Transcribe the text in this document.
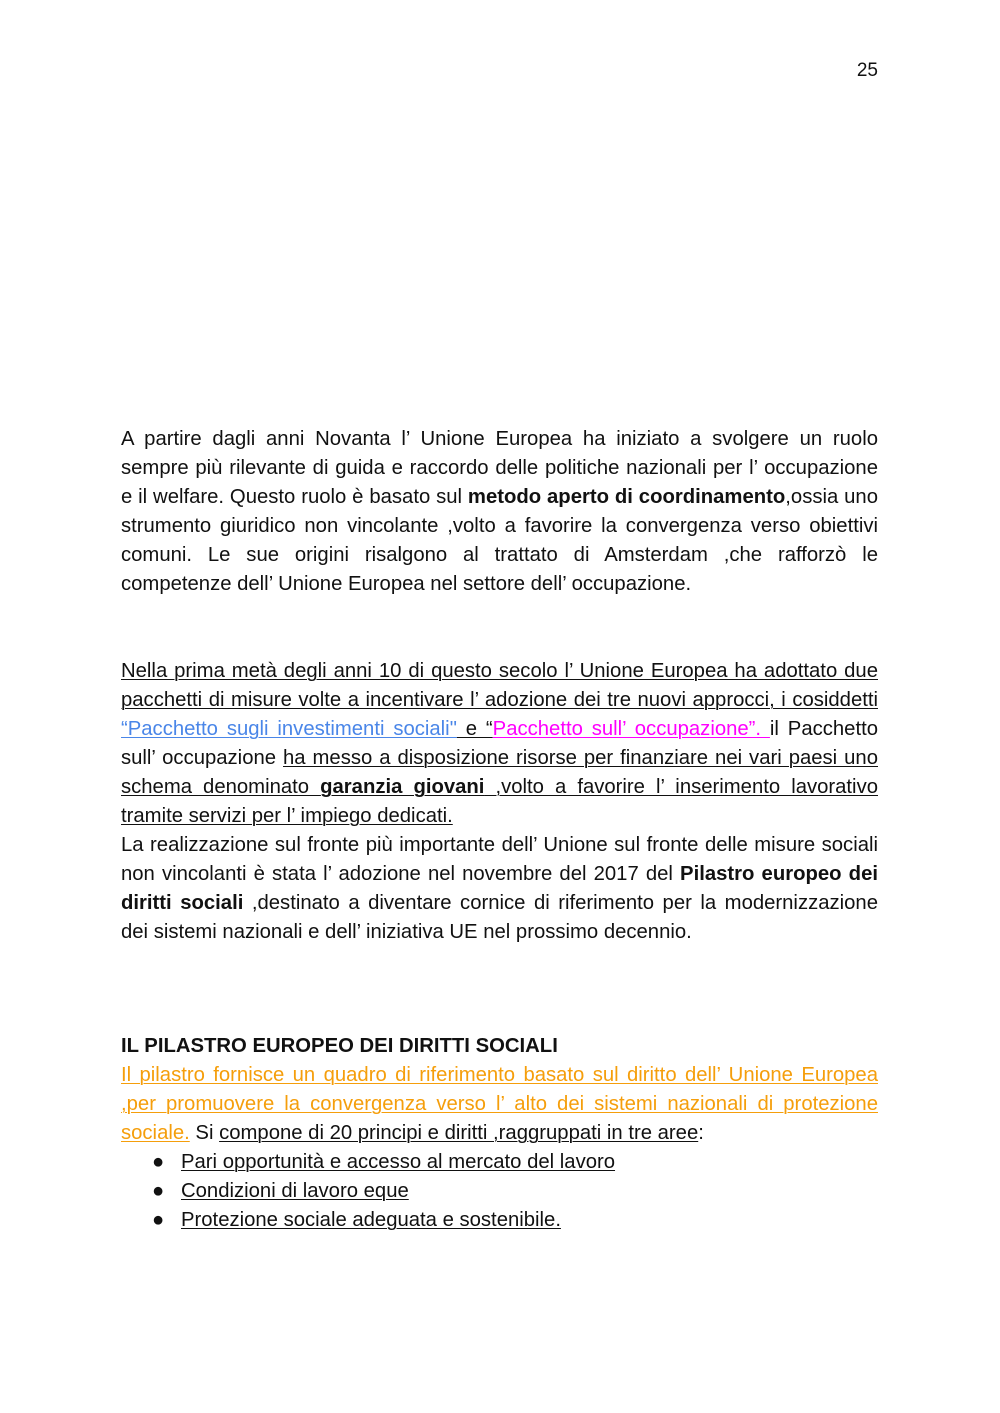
25

A partire dagli anni Novanta l’ Unione Europea ha iniziato a svolgere un ruolo sempre più rilevante di guida e raccordo delle politiche nazionali per l’ occupazione e il welfare. Questo ruolo è basato sul metodo aperto di coordinamento,ossia uno strumento giuridico non vincolante ,volto a favorire la convergenza verso obiettivi comuni. Le sue origini risalgono al trattato di Amsterdam ,che rafforzò le competenze dell’ Unione Europea nel settore dell’ occupazione.

Nella prima metà degli anni 10 di questo secolo l’ Unione Europea ha adottato due pacchetti di misure volte a incentivare l’ adozione dei tre nuovi approcci, i cosiddetti “Pacchetto sugli investimenti sociali" e “Pacchetto sull’ occupazione”. il Pacchetto sull’ occupazione ha messo a disposizione risorse per finanziare nei vari paesi uno schema denominato garanzia giovani ,volto a favorire l’ inserimento lavorativo tramite servizi per l’ impiego dedicati.

La realizzazione sul fronte più importante dell’ Unione sul fronte delle misure sociali non vincolanti è stata l’ adozione nel novembre del 2017 del Pilastro europeo dei diritti sociali ,destinato a diventare cornice di riferimento per la modernizzazione dei sistemi nazionali e dell’ iniziativa UE nel prossimo decennio.

IL PILASTRO EUROPEO DEI DIRITTI SOCIALI

Il pilastro fornisce un quadro di riferimento basato sul diritto dell’ Unione Europea ,per promuovere la convergenza verso l’ alto dei sistemi nazionali di protezione sociale. Si compone di 20 principi e diritti ,raggruppati in tre aree:

● Pari opportunità e accesso al mercato del lavoro
● Condizioni di lavoro eque
● Protezione sociale adeguata e sostenibile.
